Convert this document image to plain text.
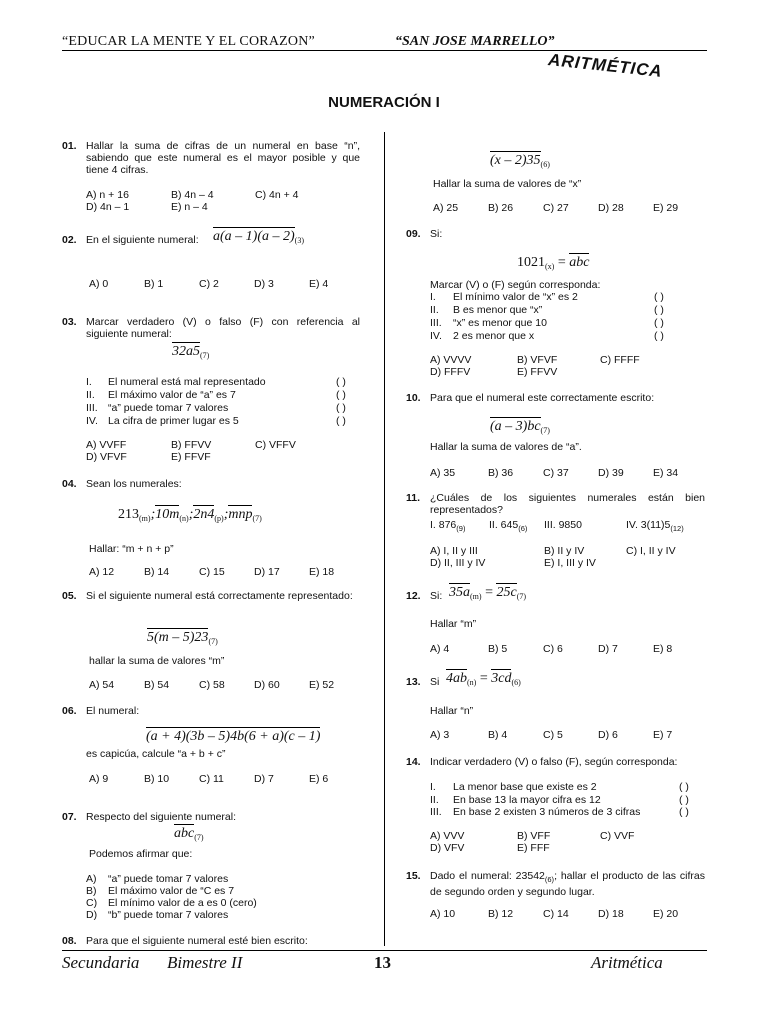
“EDUCAR LA MENTE Y EL CORAZON”	“SAN JOSE MARRELLO”
ARITMÉTICA
NUMERACIÓN I
01. Hallar la suma de cifras de un numeral en base “n”, sabiendo que este numeral es el mayor posible y que tiene 4 cifras.
A) n + 16	B) 4n – 4	C) 4n + 4
D) 4n – 1	E) n – 4
02. En el siguiente numeral: $a(a - 1)(a - 2)_{(3)}$
A) 0	B) 1	C) 2	D) 3	E) 4
03. Marcar verdadero (V) o falso (F) con referencia al siguiente numeral:
$32a5_{(7)}$
I. El numeral está mal representado	( )
II. El máximo valor de “a” es 7	( )
III. “a” puede tomar 7 valores	( )
IV. La cifra de primer lugar es 5	( )
A) VVFF	B) FFVV	C) VFFV
D) VFVF	E) FFVF
04. Sean los numerales:
$213_{(m)};10m_{(n)};2n4_{(p)};mnp_{(7)}$
Hallar: “m + n + p”
A) 12	B) 14	C) 15	D) 17	E) 18
05. Si el siguiente numeral está correctamente representado:
$5(m - 5)23_{(7)}$
hallar la suma de valores “m”
A) 54	B) 54	C) 58	D) 60	E) 52
06. El numeral:
(a + 4)(3b – 5)4b(6 + a)(c – 1)
es capicúa, calcule “a + b + c”
A) 9	B) 10	C) 11	D) 7	E) 6
07. Respecto del siguiente numeral:
abc$_{(7)}$
Podemos afirmar que:
A) “a” puede tomar 7 valores
B) El máximo valor de “C es 7
C) El mínimo valor de a es 0 (cero)
D) “b” puede tomar 7 valores
08. Para que el siguiente numeral esté bien escrito:
$(x - 2)35_{(6)}$
Hallar la suma de valores de “x”
A) 25	B) 26	C) 27	D) 28	E) 29
09. Si:
$1021_{(x)}$ = abc
Marcar (V) o (F) según corresponda:
I. El mínimo valor de “x” es 2	( )
II. B es menor que “x”	( )
III. “x” es menor que 10	( )
IV. 2 es menor que x	( )
A) VVVV	B) VFVF	C) FFFF
D) FFFV	E) FFVV
10. Para que el numeral este correctamente escrito:
$(a - 3)bc_{(7)}$
Hallar la suma de valores de “a”.
A) 35	B) 36	C) 37	D) 39	E) 34
11. ¿Cuáles de los siguientes numerales están bien representados?
I. $876_{(9)}$ II. $645_{(6)}$ III. 9850	IV. $3(11)5_{(12)}$
A) I, II y III	B) II y IV	C) I, II y IV
D) II, III y IV	E) I, III y IV
12. Si: $35a_{(m)} = 25c_{(7)}$
Hallar “m”
A) 4	B) 5	C) 6	D) 7	E) 8
13. Si $4ab_{(n)} = 3cd_{(6)}$
Hallar “n”
A) 3	B) 4	C) 5	D) 6	E) 7
14. Indicar verdadero (V) o falso (F), según corresponda:
I. La menor base que existe es 2	( )
II. En base 13 la mayor cifra es 12	( )
III. En base 2 existen 3 números de 3 cifras	( )
A) VVV	B) VFF	C) VVF
D) VFV	E) FFF
15. Dado el numeral: $23542_{(6)}$; hallar el producto de las cifras de segundo orden y segundo lugar.
A) 10	B) 12	C) 14	D) 18	E) 20
Secundaria Bimestre II	13	Aritmética
